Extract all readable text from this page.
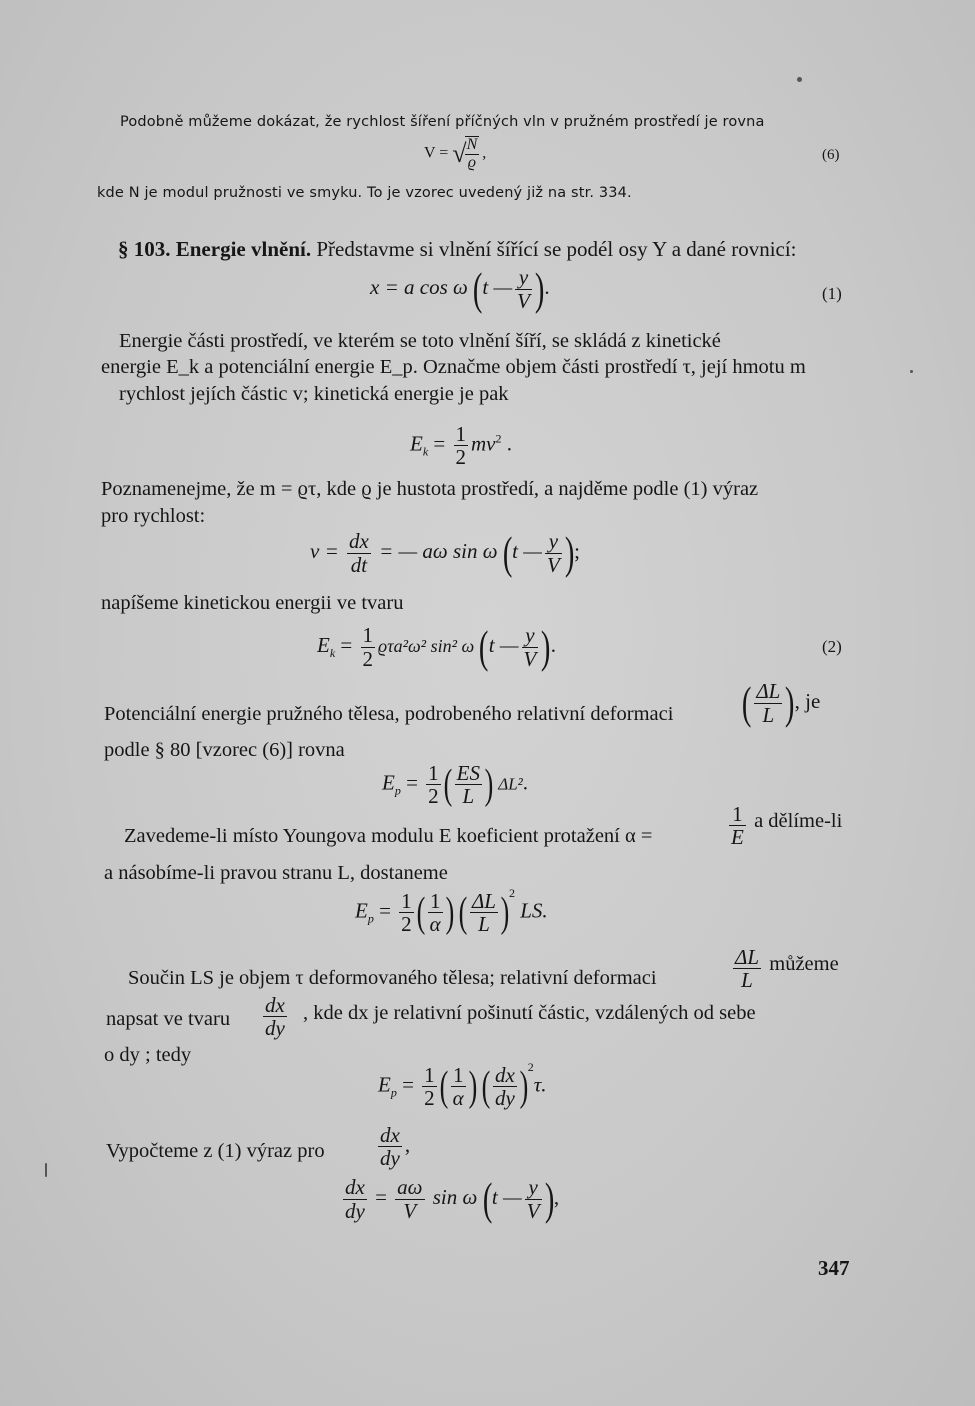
Podobně můžeme dokázat, že rychlost šíření příčných vln v pružném prostředí je rovna
V = √
$\frac{N}{ϱ}$ ,	(6)
kde N je modul pružnosti ve smyku. To je vzorec uvedený již na str. 334.
§ 103. Energie vlnění. Představme si vlnění šířící se podél osy Y a dané rovnicí:
x = a cos ω (t — $\frac{y}{V}$ ).	(1)
Energie části prostředí, ve kterém se toto vlnění šíří, se skládá z kinetické
energie E_k a potenciální energie E_p. Označme objem části prostředí τ, její hmotu m
rychlost jejích částic v; kinetická energie je pak
$E_k = \frac{1}{2} mv^2$ .
Poznamenejme, že m = ϱτ, kde ϱ je hustota prostředí, a najděme podle (1) výraz
pro rychlost:
$v = \frac{dx}{dt}$ = — aω sin ω (t — $\frac{y}{V}$ );
napíšeme kinetickou energii ve tvaru
$E_k = \frac{1}{2} ϱ\tau a^2\omega^2$ sin² ω (t — $\frac{y}{V}$ ).	(2)
Potenciální energie pružného tělesa, podrobeného relativní deformaci ( $\frac{\Delta L}{L}$ ), je
podle § 80 [vzorec (6)] rovna
$E_p = \frac{1}{2}$ ( $\frac{ES}{L}$ ) ΔL².
Zavedeme-li místo Youngova modulu E koeficient protažení α =	$\frac{1}{E}$ a dělíme-li
a násobíme-li pravou stranu L, dostaneme
$E_p = \frac{1}{2}$ ( $\frac{1}{\alpha}$ ) ( $\frac{\Delta L}{L} )^2$ LS.
Součin LS je objem τ deformovaného tělesa; relativní deformaci	$\frac{\Delta L}{L}$ můžeme
napsat ve tvaru $\frac{dx}{dy}$ , kde dx je relativní pošinutí částic, vzdálených od sebe
o dy ; tedy
$E_p = \frac{1}{2}$ ( $\frac{1}{\alpha}$ ) ( $\frac{dx}{dy} )^2\tau$.
Vypočteme z (1) výraz pro	$\frac{dx}{dy}$ ,
$\frac{dx}{dy} = \frac{a\omega}{V}$ sin ω (t — $\frac{y}{V}$ ),
347
